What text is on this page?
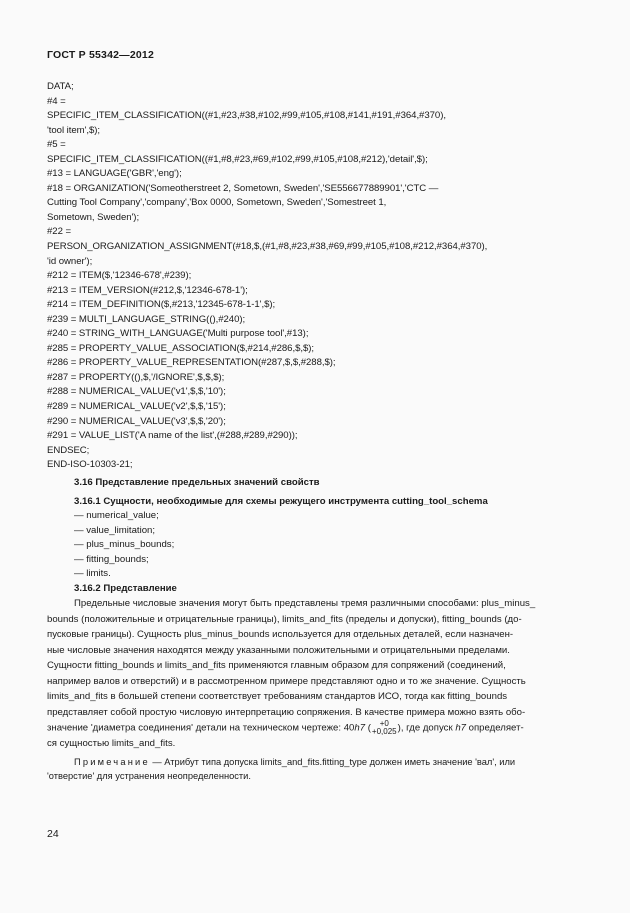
ГОСТ Р 55342—2012
DATA;
#4 =
SPECIFIC_ITEM_CLASSIFICATION((#1,#23,#38,#102,#99,#105,#108,#141,#191,#364,#370),
'tool item',$);
#5 =
SPECIFIC_ITEM_CLASSIFICATION((#1,#8,#23,#69,#102,#99,#105,#108,#212),'detail',$);
#13 = LANGUAGE('GBR','eng');
#18 = ORGANIZATION('Someotherstreet 2, Sometown, Sweden','SE556677889901','CTC —
Cutting Tool Company','company','Box 0000, Sometown, Sweden','Somestreet 1,
Sometown, Sweden');
#22 =
PERSON_ORGANIZATION_ASSIGNMENT(#18,$,(#1,#8,#23,#38,#69,#99,#105,#108,#212,#364,#370),
'id owner');
#212 = ITEM($,'12346-678',#239);
#213 = ITEM_VERSION(#212,$,'12346-678-1');
#214 = ITEM_DEFINITION($,#213,'12345-678-1-1',$);
#239 = MULTI_LANGUAGE_STRING((),#240);
#240 = STRING_WITH_LANGUAGE('Multi purpose tool',#13);
#285 = PROPERTY_VALUE_ASSOCIATION($,#214,#286,$,$);
#286 = PROPERTY_VALUE_REPRESENTATION(#287,$,$,#288,$);
#287 = PROPERTY((),$,'/IGNORE',$,$,$);
#288 = NUMERICAL_VALUE('v1',$,$,'10');
#289 = NUMERICAL_VALUE('v2',$,$,'15');
#290 = NUMERICAL_VALUE('v3',$,$,'20');
#291 = VALUE_LIST('A name of the list',(#288,#289,#290));
ENDSEC;
END-ISO-10303-21;
3.16 Представление предельных значений свойств
3.16.1 Сущности, необходимые для схемы режущего инструмента cutting_tool_schema
— numerical_value;
— value_limitation;
— plus_minus_bounds;
— fitting_bounds;
— limits.
3.16.2 Представление
Предельные числовые значения могут быть представлены тремя различными способами: plus_minus_
bounds (положительные и отрицательные границы), limits_and_fits (пределы и допуски), fitting_bounds (до-
пусковые границы). Сущность plus_minus_bounds используется для отдельных деталей, если назначен-
ные числовые значения находятся между указанными положительными и отрицательными пределами.
Сущности fitting_bounds и limits_and_fits применяются главным образом для сопряжений (соединений,
например валов и отверстий) и в рассмотренном примере представляют одно и то же значение. Сущность
limits_and_fits в большей степени соответствует требованиям стандартов ИСО, тогда как fitting_bounds
представляет собой простую числовую интерпретацию сопряжения. В качестве примера можно взять обо-
значение 'диаметра соединения' детали на техническом чертеже: 40h7 (	+0
+0,025 ), где допуск h7 определяет-
ся сущностью limits_and_fits.
Примечание — Атрибут типа допуска limits_and_fits.fitting_type должен иметь значение 'вал', или
'отверстие' для устранения неопределенности.
24
